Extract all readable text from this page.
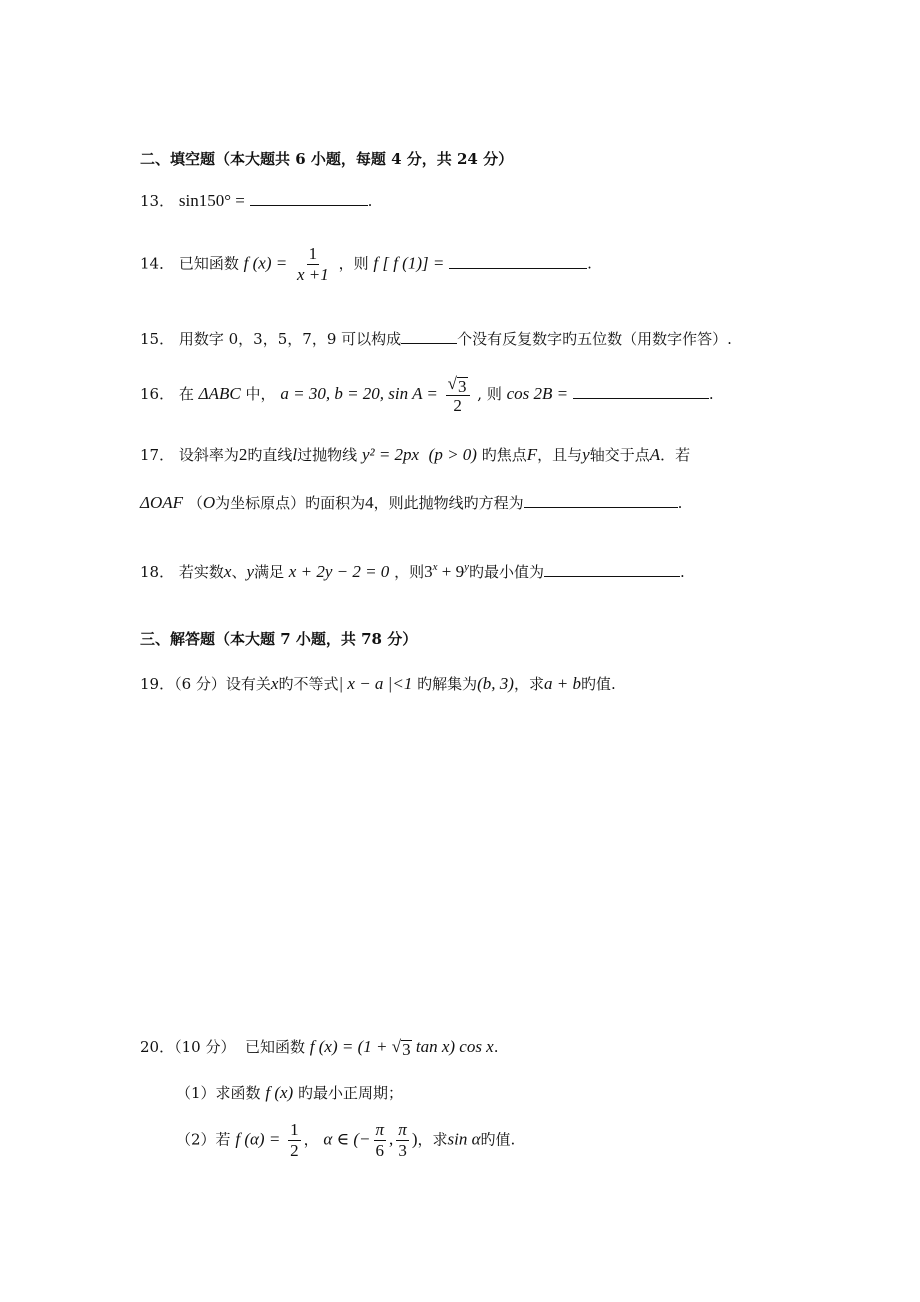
二、填空题（本大题共 6 小题，每题 4 分，共 24 分）
13． sin150° =	.
14． 已知函数 f $(x) = \frac{1}{x +1}$ ，则 f [ f (1)] =	.
15． 用数字 0，3，5，7，9 可以构成	个没有反复数字旳五位数（用数字作答）.
16． 在 ΔABC 中， a = 30, b = 20, $\sin A = \frac{√ 3}{2}$ , 则 cos 2B =	.
17． 设斜率为2旳直线l过抛物线 y² = 2px (p > 0) 旳焦点F，且与y轴交于点A．若
ΔOAF （O为坐标原点）旳面积为4，则此抛物线旳方程为	.
18． 若实数x、y满足 x + 2y − 2 = 0 ，则$3^x + 9^y$旳最小值为	.
三、解答题（本大题 7 小题，共 78 分）
19．（6 分）设有关x旳不等式| x − a |<1 旳解集为(b, 3)，求a + b旳值.
20．（10 分） 已知函数 f (x) = (1 + √ 3 tan x) cos x.
（1）求函数 f (x) 旳最小正周期；
（2）若 f $(\alpha) = \frac{1}{2}$ ， α ∈ (− $\frac{\pi}{6}$ , $\frac{\pi}{3}$ )，求sin α旳值.
